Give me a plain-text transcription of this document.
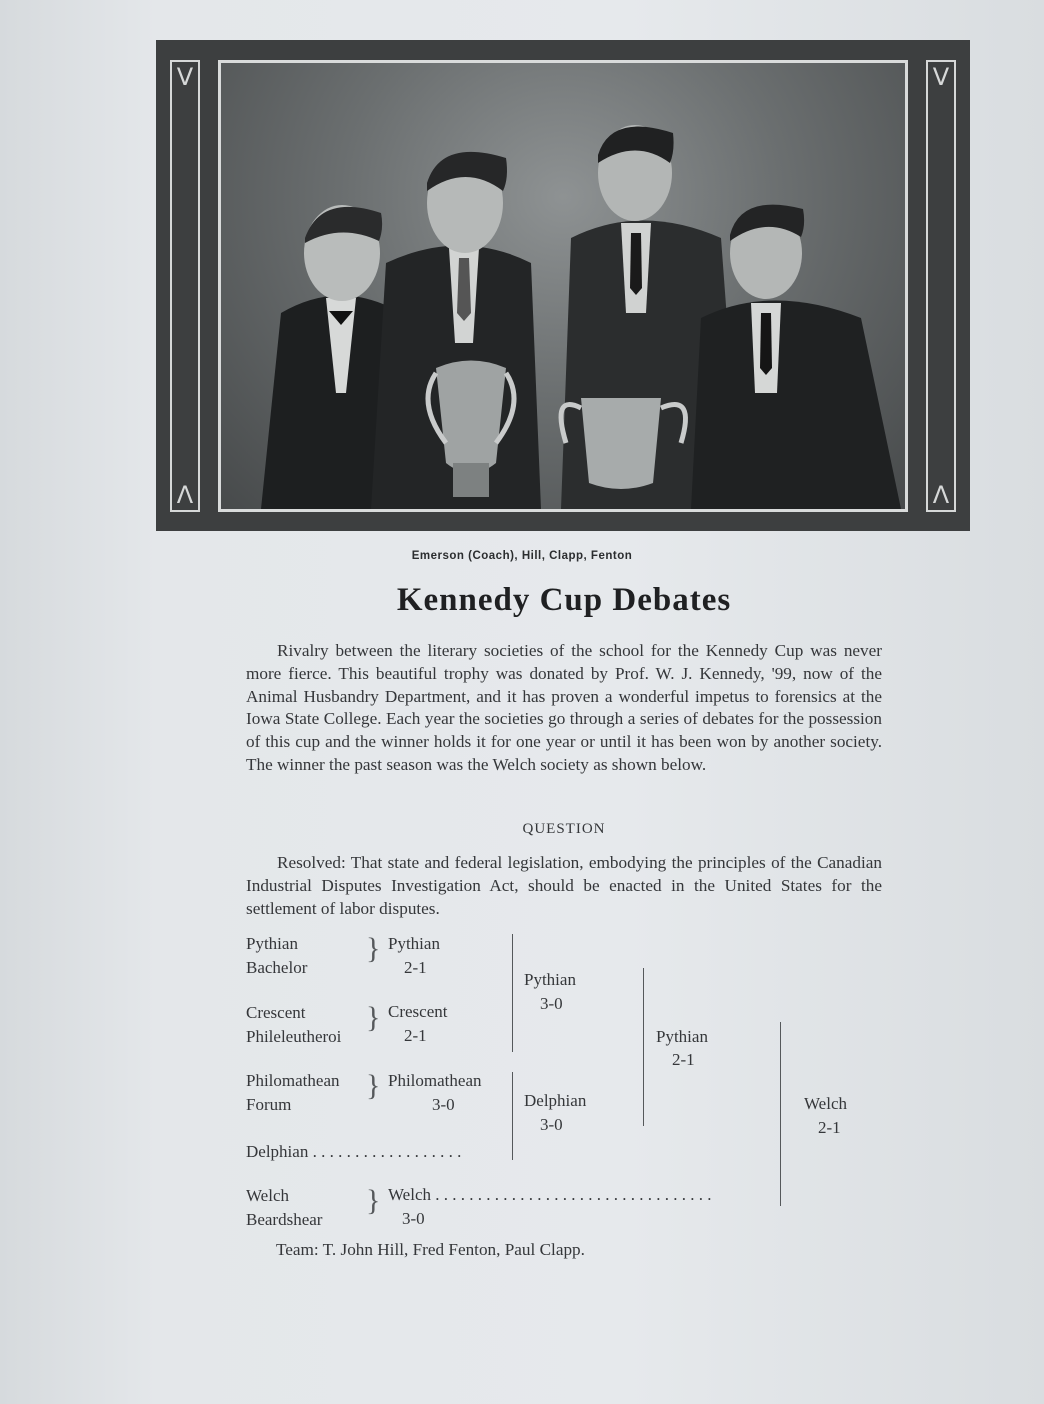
V
Λ
V
Λ
Emerson (Coach), Hill, Clapp, Fenton
Kennedy Cup Debates

Rivalry between the literary societies of the school for the Kennedy Cup was never more fierce. This beautiful trophy was donated by Prof. W. J. Kennedy, '99, now of the Animal Husbandry Department, and it has proven a wonderful impetus to forensics at the Iowa State College. Each year the societies go through a series of debates for the possession of this cup and the winner holds it for one year or until it has been won by another society. The winner the past season was the Welch society as shown below.

QUESTION

Resolved: That state and federal legislation, embodying the principles of the Canadian Industrial Disputes Investigation Act, should be enacted in the United States for the settlement of labor disputes.

Pythian
Bachelor
} Pythian
2-1
Crescent
Phileleutheroi
} Crescent
2-1
Philomathean
Forum
} Philomathean
3-0
Delphian . . . . . . . . . . . . . . . . . .
Welch
Beardshear
} Welch . . . . . . . . . . . . . . . . . . . . . . . . . . . . . . . . .
3-0
Pythian
3-0
Delphian
3-0
Pythian
2-1
Welch
2-1
Team: T. John Hill, Fred Fenton, Paul Clapp.
